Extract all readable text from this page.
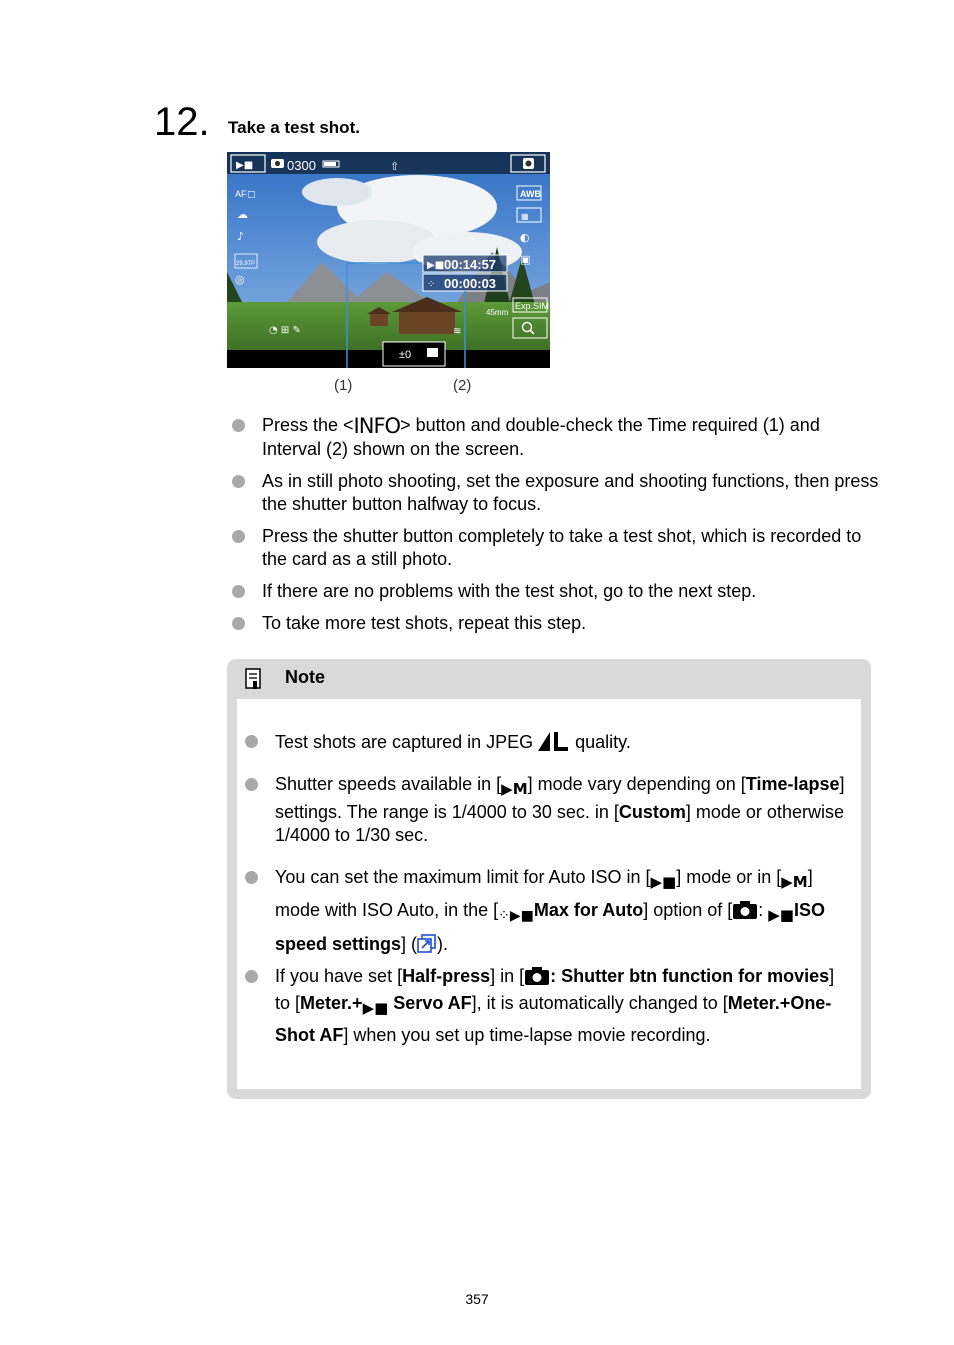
12. Take a test shot.
▶■	0300	⇧
AF □
☁
♪
29.97P
◎
AWB
▦
◐
▣
▶■ 00:14:57
⁘ 00:00:03
Exp.SIM
45mm
◔ ⊞ ✎	≋
±0
(1)	(2)
Press the <INFO> button and double-check the Time required (1) and Interval (2) shown on the screen.
As in still photo shooting, set the exposure and shooting functions, then press the shutter button halfway to focus.
Press the shutter button completely to take a test shot, which is recorded to the card as a still photo.
If there are no problems with the test shot, go to the next step.
To take more test shots, repeat this step.
Note
Test shots are captured in JPEG  quality.
Shutter speeds available in [▶M] mode vary depending on [Time-lapse] settings. The range is 1/4000 to 30 sec. in [Custom] mode or otherwise 1/4000 to 1/30 sec.
You can set the maximum limit for Auto ISO in [▶■] mode or in [▶M] mode with ISO Auto, in the [⁘▶■Max for Auto] option of [ : ▶■ISO speed settings] ( ).
If you have set [Half-press] in [ : Shutter btn function for movies] to [Meter.+▶■ Servo AF], it is automatically changed to [Meter.+One-Shot AF] when you set up time-lapse movie recording.
357
